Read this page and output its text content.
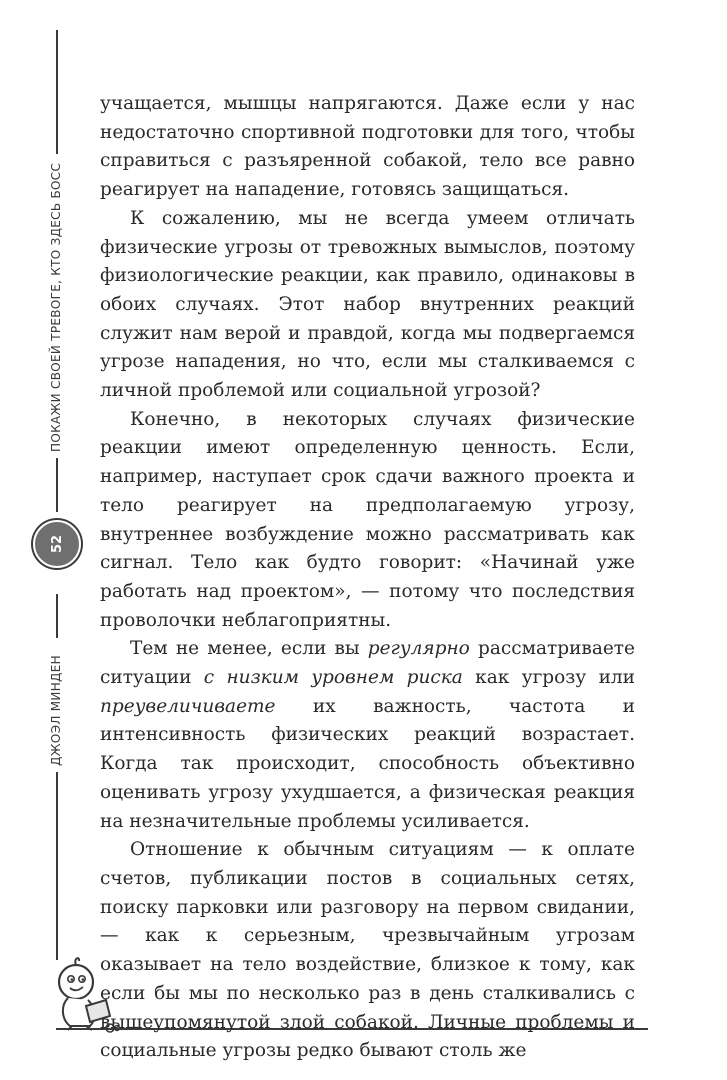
ПОКАЖИ СВОЕЙ ТРЕВОГЕ, КТО ЗДЕСЬ БОСС
ДЖОЭЛ МИНДЕН
52

учащается, мышцы напрягаются. Даже если у нас недостаточно спортивной подготовки для того, чтобы справиться с разъяренной собакой, тело все равно реагирует на нападение, готовясь защищаться.

К сожалению, мы не всегда умеем отличать физические угрозы от тревожных вымыслов, поэтому физиологические реакции, как правило, одинаковы в обоих случаях. Этот набор внутренних реакций служит нам верой и правдой, когда мы подвергаемся угрозе нападения, но что, если мы сталкиваемся с личной проблемой или социальной угрозой?

Конечно, в некоторых случаях физические реакции имеют определенную ценность. Если, например, наступает срок сдачи важного проекта и тело реагирует на предполагаемую угрозу, внутреннее возбуждение можно рассматривать как сигнал. Тело как будто говорит: «Начинай уже работать над проектом», — потому что последствия проволочки неблагоприятны.

Тем не менее, если вы регулярно рассматриваете ситуации с низким уровнем риска как угрозу или преувеличиваете их важность, частота и интенсивность физических реакций возрастает. Когда так происходит, способность объективно оценивать угрозу ухудшается, а физическая реакция на незначительные проблемы усиливается.

Отношение к обычным ситуациям — к оплате счетов, публикации постов в социальных сетях, поиску парковки или разговору на первом свидании, — как к серьезным, чрезвычайным угрозам оказывает на тело воздействие, близкое к тому, как если бы мы по несколько раз в день сталкивались с вышеупомянутой злой собакой. Личные проблемы и социальные угрозы редко бывают столь же
